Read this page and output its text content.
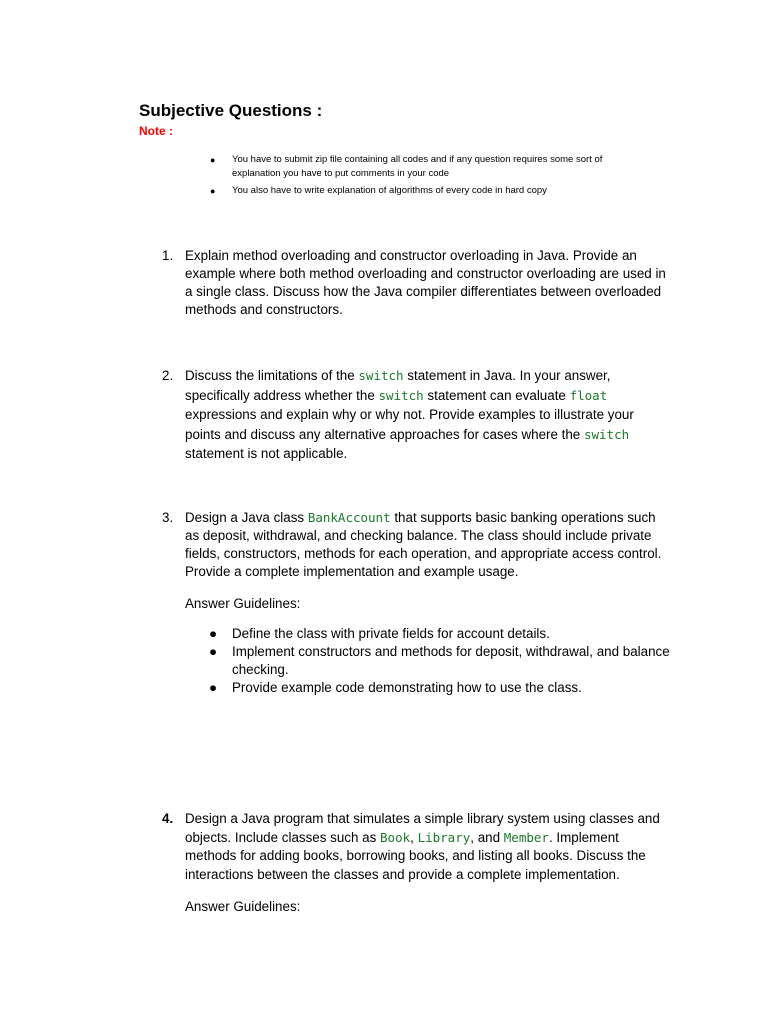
Subjective Questions :

Note :

● You have to submit zip file containing all codes and if any question requires some sort of explanation you have to put comments in your code
● You also have to write explanation of algorithms of every code in hard copy
1. Explain method overloading and constructor overloading in Java. Provide an example where both method overloading and constructor overloading are used in a single class. Discuss how the Java compiler differentiates between overloaded methods and constructors.
2. Discuss the limitations of the switch statement in Java. In your answer, specifically address whether the switch statement can evaluate float expressions and explain why or why not. Provide examples to illustrate your points and discuss any alternative approaches for cases where the switch statement is not applicable.
3. Design a Java class BankAccount that supports basic banking operations such as deposit, withdrawal, and checking balance. The class should include private fields, constructors, methods for each operation, and appropriate access control. Provide a complete implementation and example usage.
Answer Guidelines:
● Define the class with private fields for account details.
● Implement constructors and methods for deposit, withdrawal, and balance checking.
● Provide example code demonstrating how to use the class.
4. Design a Java program that simulates a simple library system using classes and objects. Include classes such as Book, Library, and Member. Implement methods for adding books, borrowing books, and listing all books. Discuss the interactions between the classes and provide a complete implementation.
Answer Guidelines:
